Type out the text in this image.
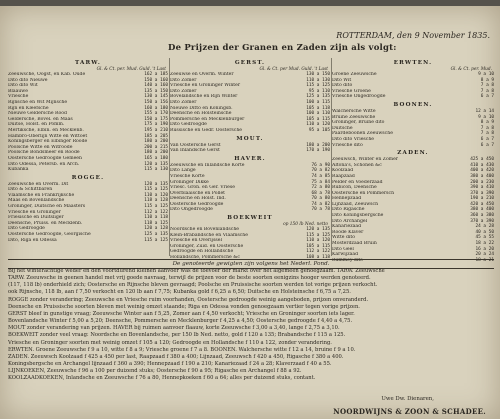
ROTTERDAM, den 9 November 1835.
De Prijzen der Granen en Zaden zijn als volgt:
TARW.
Gl. & Ct. per. Mud. Guld. 't Last
Zeeuwsche, Oogst, en Kab. Oude	162 a 185
Dito dito Nieuwe	150 a 160
Dito dito Wit	140 a 160
Blaauwe	135 a 150
Vriesche	130 a 145
Rijnsche en Wit Mijnsche	150 a 156
Rijn en Kleefsche	160 a 180
Nieuwe Geldersche Rood	155 a 170
Geldersche, Bovel. en Maas	150 a 175
Duitse, Holst. en Pomm.	175 a 190
Mertiksche, Elbin. en Mecklenb.	195 a 210
Hambro-Oberlijn Witte en Wittoet	185 a 205
Koningsberger en Elbinger Roode	180 a 200
Poolsche Witte en Witroode	200 a 215
Poolsche Bondsmeer en Roode	180 a 200
Oostersche Gedroogde Gemeen	165 a 180
Dito Odessa, Petersb. en Arch.	120 a 135
Kubanka	115 a 130
ROGGE.
Zeeuwsche en Overm. Dit	120 a 135
Dito & Schittbaren	115 a 125
Vlaamsche en Frankrijksche	110 a 120
Maas en Bovenlandsche	118 a 128
Groninger, Duitsche en Maasters	115 a 125
Vriesche en Groninger	112 a 122
Friesische en Duitsliger	110 a 118
Deensche, Pruiss. en Mecklenb.	118 a 125
Dito Gedroogde	120 a 128
Oostersche Gedroogde, Georgische	125 a 135
Dito, Riga en Odessa	115 a 125
GERST.
Gl. & Ct. per Mud. Guld. 't Last
Zeeuwse en Overm. Winter	130 a 150
Dito Zomer	110 a 130
Vriesche en Groninger Winter	115 a 125
Dito Zomer	95 a 110
Bovelandsche en Rijn Winter	125 a 135
Dito Zomer	100 a 115
Nieuwe Ditto en Koningsb.	105 a 118
Deensche en Holsteinsche	100 a 110
Pommersche en Mecklenburger	105 a 115
Dito Gedroogde	110 a 120
Russische en Gedr. Oostersche	95 a 105
MOUT.
Van Oostersche Gerst	180 a 200
Van Inlandsche Gerst	170 a 190
HAVER.
Zeeuwsche en Inlandsche Korte	76 a 90
Dito Lange	70 a 82
Vriesche Korte	74 a 85
Groninger Dikke	75 a 84
Vriesc. Gron. en Ger. Vriese	72 a 80
Overblaaische en Pollet	68 a 78
Deensche en Holst. Ind.	70 a 80
Oostersche Gedroogde	74 a 82
Dito Ongedroogde	70 a 78
BOEKWEIT
op 150 lb Ned. netto
Noordsche en Bovenlandsche	120 a 135
Klein-Brabandsche en Vlaamsche	115 a 125
Vriesche en Overijssel	110 a 120
Groninger, Zuid. en Oostersche	105 a 115
Gedroogde en Hollandsche	112 a 122
Hollandsche, Pommersche &c	108 a 118
ERWTEN.
Gl. & Ct. per. Mud.
Groene Zeeuwsche	9 a 10
Dito Wit	8 a 9
Dito dito	7 a 8
Vriesche Groene	7 a 8
Vriesche Ongedroogde	6 a 7
BOONEN.
Walchersche Witte	12 a 14
Bruine Zeeuwsche	9 a 10
Groninger, Bruine dito	8 a 9
Duitsche	7 a 8
Paardeboonen Zeeuwsche	7 a 8
Dito dito Vriesche	6 a 7
Vriesche dito	6 a 7
ZADEN.
Zeeuwsch, Winter en Zomer	425 a 450
Altona's, Schonen &c	410 a 430
Koolzaad	400 a 420
Raapzaad	380 a 400
Pelder en Voederzaad	200 a 230
Rubicon, Deensche	390 a 410
Oostersche en Pommersch	370 a 390
Hennepzaad	190 a 210
Lijnzaad, Zeeuwsch	420 a 450
Dito Rigasche	380 a 400
Dito Koningsbergsche	360 a 380
Dito Archangel	370 a 390
Kanariezaad	24 a 28
Roode Klaver	40 a 50
Witte dito	45 a 55
Mosterdzaad Bruin	18 a 22
Dito Geel	16 a 20
Karwijzaad	20 a 24
Rummey dito	18 a 21
De genoteerde gewigten zijn volgens het Nederl. Pond.

Bij het winterachtige weder en den voortdurend kleinen aanvoer was de toevoer der markt over het algemeen genoegzaam. TARW. Zeeuwsche

TARW. Zeeuwsche in geenen handel met vrij goede navraag, terwijl de prijzen voor de beste soorten eenigzins hooger werden genoteerd.

(117, 118 lb) onderhield zich; Oostersche en Rijnsche bleven gevraagd; Poolsche en Pruissische soorten werden tot vorige prijzen verkocht.

ook Rijnsche, 118 lb, aan f 7,50 verkocht en 120 lb aan f 7,75; Kubanka gold f 6,25 a 6,50; Duitsche en Holsteinsche f 6,75 a 7,25.

ROGGE zonder verandering; Zeeuwsche en Vriesche ruim voorhanden, Oostersche gedroogde weinig aangeboden, prijzen onveranderd.

Deensche en Pruissische soorten bleven met weinig omzet staande; Riga en Odessa vonden genoegzaam vertier tegen vorige prijzen.

GERST bleef in gunstige vraag; Zeeuwsche Winter aan f 5,25, Zomer aan f 4,50 verkocht; Vriesche en Groninger soorten iets lager.

Bovenlandsche Winter f 5,00 a 5,20; Deensche, Pommersche en Mecklenburger f 4,25 a 4,50; Oostersche gedroogde f 4,40 a 4,75.

MOUT zonder verandering van prijzen. HAVER bij ruimen aanvoer flaauw, korte Zeeuwsche f 3,00 a 3,40, lange f 2,75 a 3,10.

BOEKWEIT zonder veel vraag: Noordsche en Bovenlandsche, per 150 lb Ned. netto, gold f 120 a 135; Brabandsche f 115 a 125.

Vriesche en Groninger soorten met weinig omzet f 105 a 120; Gedroogde en Hollandsche f 110 a 122, zonder verandering.

ERWTEN. Groene Zeeuwsche f 9 a 10, witte f 8 a 9; Vriesche groene f 7 a 8. BOONEN. Walchersche witte f 12 a 14, bruine f 9 a 10.

ZADEN. Zeeuwsch Koolzaad f 425 a 450 per last, Raapzaad f 380 a 400; Lijnzaad, Zeeuwsch f 420 a 450, Rigasche f 380 a 400.

Koningsbergsche en Archangel lijnzaad f 360 a 390; Hennepzaad f 190 a 210; Kanariezaad f 24 a 28; Klaverzaad f 40 a 55.

LIJNKOEKEN, Zeeuwsche f 96 a 100 per duizend stuks; Oostersche f 90 a 95; Rigasche en Archangel f 88 a 92.

KOOLZAADKOEKEN, Inlandsche en Zeeuwsche f 76 a 80, Hennepkoeken f 60 a 64; alles per duizend stuks, contant.

Uwe Dw. Dienaren,
NOORDWIJNS & ZOON & SCHADEE.
